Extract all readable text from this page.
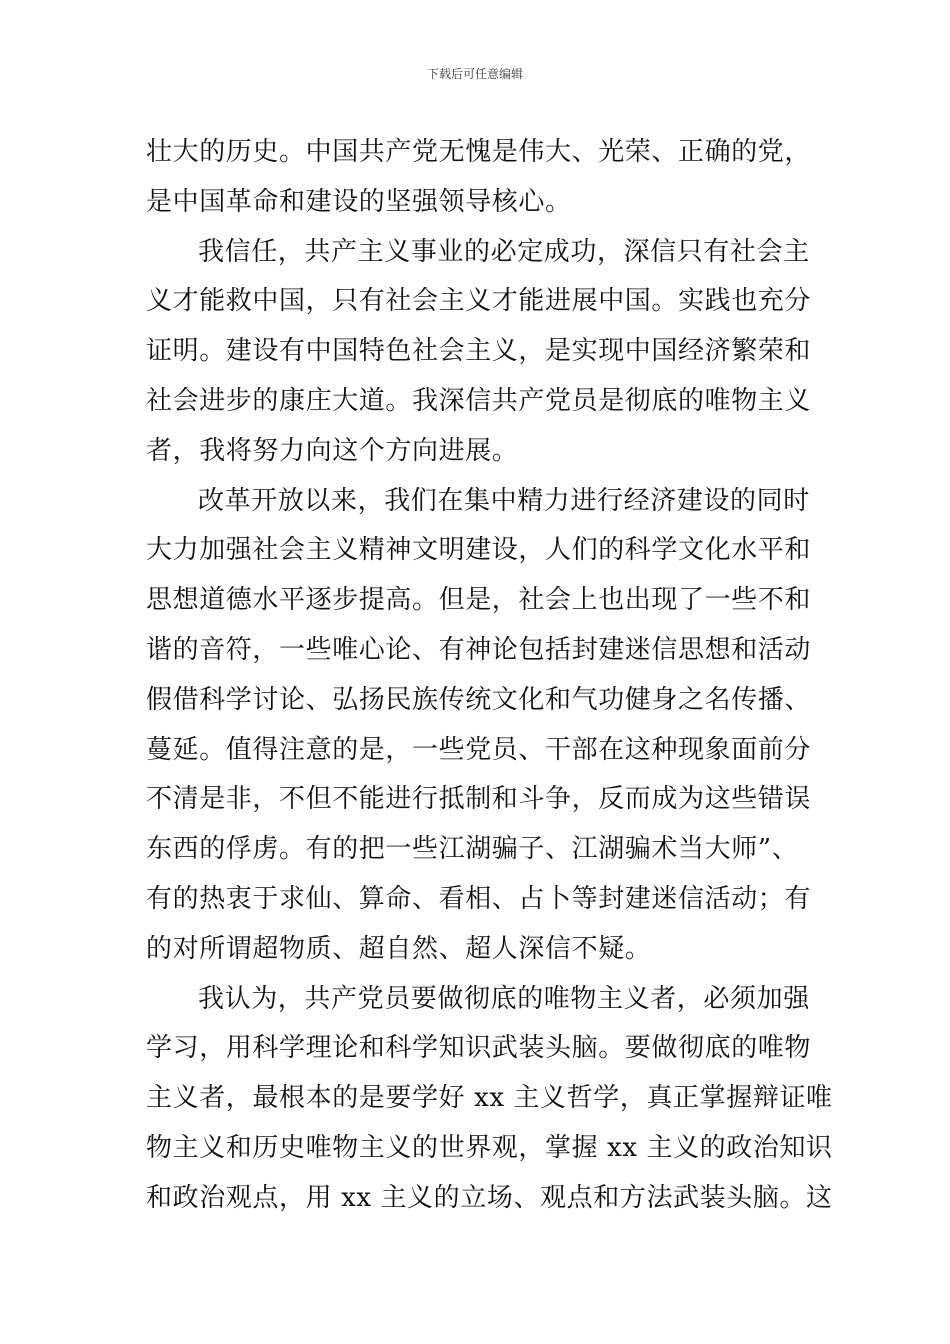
下载后可任意编辑
壮大的历史。中国共产党无愧是伟大、光荣、正确的党，
是中国革命和建设的坚强领导核心。
我信任，共产主义事业的必定成功，深信只有社会主
义才能救中国，只有社会主义才能进展中国。实践也充分
证明。建设有中国特色社会主义，是实现中国经济繁荣和
社会进步的康庄大道。我深信共产党员是彻底的唯物主义
者，我将努力向这个方向进展。
改革开放以来，我们在集中精力进行经济建设的同时
大力加强社会主义精神文明建设，人们的科学文化水平和
思想道德水平逐步提高。但是，社会上也出现了一些不和
谐的音符，一些唯心论、有神论包括封建迷信思想和活动
假借科学讨论、弘扬民族传统文化和气功健身之名传播、
蔓延。值得注意的是，一些党员、干部在这种现象面前分
不清是非，不但不能进行抵制和斗争，反而成为这些错误
东西的俘虏。有的把一些江湖骗子、江湖骗术当大师”、
有的热衷于求仙、算命、看相、占卜等封建迷信活动；有
的对所谓超物质、超自然、超人深信不疑。
我认为，共产党员要做彻底的唯物主义者，必须加强
学习，用科学理论和科学知识武装头脑。要做彻底的唯物
主义者，最根本的是要学好 xx 主义哲学，真正掌握辩证唯
物主义和历史唯物主义的世界观，掌握 xx 主义的政治知识
和政治观点，用 xx 主义的立场、观点和方法武装头脑。这
